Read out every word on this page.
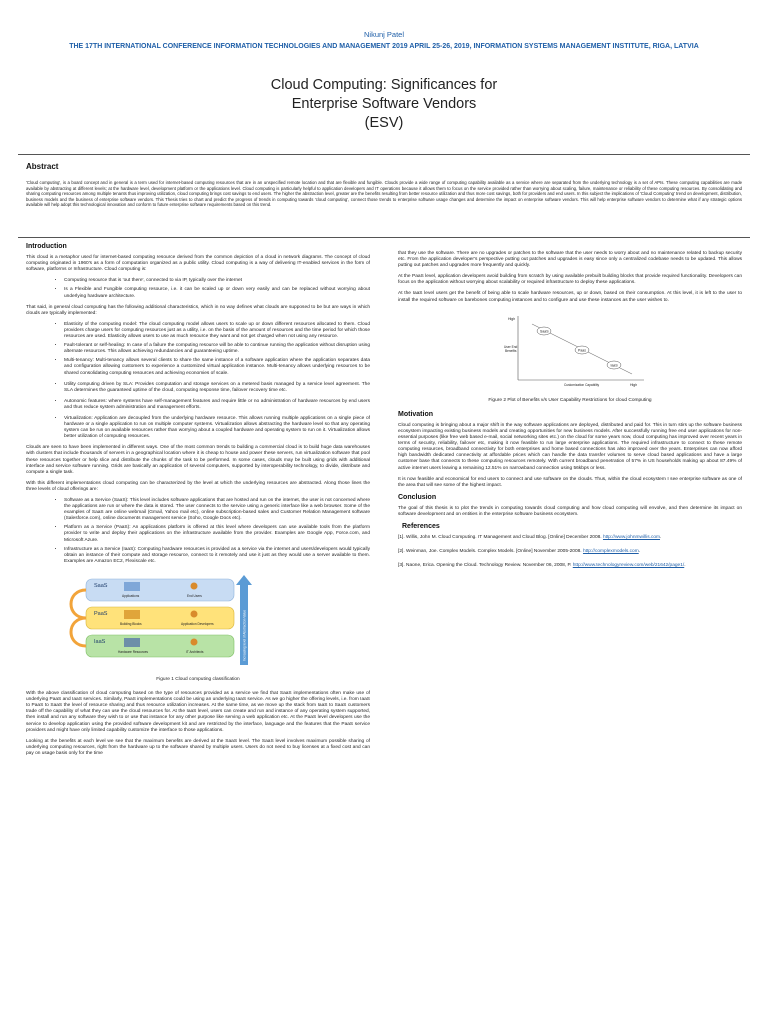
Nikunj Patel
THE 17TH INTERNATIONAL CONFERENCE INFORMATION TECHNOLOGIES AND MANAGEMENT 2019 APRIL 25-26, 2019, INFORMATION SYSTEMS MANAGEMENT INSTITUTE, RIGA, LATVIA
Cloud Computing: Significances for
Enterprise Software Vendors
(ESV)
Abstract
'Cloud computing', is a board concept and in general is a term used for internet-based computing resources that are in an unspecified remote location and that are flexible and fungible. Clouds provide a wide range of computing capability available as a service where are separated from the underlying technology is a set of APIs. These computing capabilities are made available by abstracting at different levels; at the hardware level, development platform or the applications level. Cloud computing is particularly helpful to application developers and IT operations because it allows them to focus on the service provided rather than worrying about scaling, failure, maintenance or reliability of these computing resources. By consolidating and sharing computing resources among multiple tenants thus improving utilization, cloud computing brings cost savings to end users. The higher the abstraction level, greater are the benefits resulting from better resource utilization and thus more cost savings, both for providers and end users. In this subject the implications of 'Cloud Computing' trend on development, distribution, business models and the business of enterprise software vendors. This Thesis tries to chart and predict the progress of trends in computing towards 'cloud computing', connect those trends to enterprise software usage changes and determine the impact on enterprise software vendors. This will help enterprise software vendors to determine what if any strategic options available will help adopt this technological innovation and conform to future enterprise software requirements based on this trend.
Introduction

This cloud is a metaphor used for internet-based computing resource derived from the common depiction of a cloud in network diagrams. The concept of cloud computing originated in 1960's as a form of computation organized as a public utility. Cloud computing is a way of delivering IT-enabled services in the form of software, platforms or Infrastructure. Cloud computing is:

• Computing resource that is 'out there', connected to via IP, typically over the internet
• Is a Flexible and Fungible computing resource, i.e. it can be scaled up or down very easily and can be replaced without worrying about underlying hardware architecture.

That said, in general cloud computing has the following additional characteristics, which in no way defines what clouds are supposed to be but are ways in which clouds are typically implemented:

• Elasticity of the computing model: The cloud computing model allows users to scale up or down different resources allocated to them. Cloud providers charge users for computing resources just as a utility, i.e. on the basis of the amount of resources and the time period for which those resources are used. Elasticity allows users to use as much resource they want and not get charged when not using any resource.
• Fault-tolerant or self-healing: In case of a failure the computing resource will be able to continue running the application without disruption using alternate resources. This allows achieving redundancies and guaranteeing uptime.
• Multi-tenancy: Multi-tenancy allows several clients to share the same instance of a software application where the application separates data and configuration allowing customers to experience a customized virtual application instance. Multi-tenancy allows underlying resources to be shared consolidating computing resources and achieving economies of scale.
• Utility computing driven by SLA: Provides computation and storage services on a metered basis managed by a service level agreement. The SLA determines the guaranteed uptime of the cloud, computing response time, failover recovery time etc.
• Autonomic features: where systems have self-management features and require little or no administration of hardware resources by end users and thus reduce system administration and management efforts.
• Virtualization: Application are decoupled from the underlying hardware resource. This allows running multiple applications on a single piece of hardware or a single application to run on multiple computer systems. Virtualization allows abstracting the hardware level so that any operating system can be run on available resources rather than worrying about a coupled hardware and operating system to run on it. Virtualization allows better utilization of computing resources.

Clouds are seen to have been implemented in different ways. One of the most common trends to building a commercial cloud is to build huge data warehouses with clusters that include thousands of servers in a geographical location where it is cheap to house and power these servers, run virtualization software that pool these resources together or help slice and distribute the chunks of the task to be performed. In some cases, clouds may be built using grids with additional interface and service software running. Grids are basically an application of several computers, supported by interoperability technology, to divide, distribute and compute a single task.

With this different implementations cloud computing can be characterized by the level at which the underlying resources are abstracted. Along those lines the three levels of cloud offerings are:

• Software as a Service (SaaS): This level includes software applications that are hosted and run on the internet, the user is not concerned where the applications are run or where the data is stored. The user connects to the service using a generic interface like a web browser. Some of the examples of SaaS are online webmail (Gmail, Yahoo mail etc), online subscription-based sales and Customer Relation Management software (Salesforce.com), online documents management service (Soho, Google Docs etc).
• Platform as a Service (PaaS): An applications platform is offered at this level where developers can use available tools from the platform provider to write and deploy their applications on the infrastructure available from the provider. Examples are Google App, Force.com, and Microsoft Azure.
• Infrastructure as a Service (IaaS): Computing hardware resources is provided as a service via the internet and users/developers would typically obtain an instance of their compute and storage resource, connect to it remotely and use it just as they would use a server available to them. Examples are Amazon EC2, Flexiscale etc.
SaaS
PaaS
IaaS
Applications
Building Blocks
Hardware Resources
End Users
Application Developers
IT Architects	Increasing level of Abstraction Value

Figure 1 Cloud computing classification

With the above classification of cloud computing based on the type of resources provided as a service we find that SaaS implementations often make use of underlying PaaS and IaaS services. Similarly, PaaS implementations could be using an underlying IaaS service. As we go higher the offering levels, i.e. from IaaS to PaaS to SaaS the level of resource sharing and thus resource utilization increases. At the same time, as we move up the stack from IaaS to SaaS customers trade off the capability of what they can use the cloud resources for. At the IaaS level, users can create and run and instance of any operating system supported, then install and run any software they wish to or use that instance for any other purpose like serving a web application etc. At the PaaS level developers use the service to develop application using the provided software development kit and are restricted by the interface, language and the features that the PaaS service providers and might have only limited capability customize the interface to those applications.

Looking at the benefits at each level we see that the maximum benefits are derived at the SaaS level. The SaaS level involves maximum possible sharing of underlying computing resources, right from the hardware up to the software shared by multiple users. Users do not need to buy licenses at a fixed cost and can pay on usage basis only for the time

that they use the software. There are no upgrades or patches to the software that the user needs to worry about and no maintenance related to backup security etc. From the application developer's perspective putting out patches and upgrades is easy since only a centralized codebase needs to be updated. This allows putting out patches and upgrades more frequently and quickly.

At the PaaS level, application developers avoid building from scratch by using available prebuilt building blocks that provide required functionality. Developers can focus on the application without worrying about scalability or required infrastructure to deploy these applications.

At the IaaS level users get the benefit of being able to scale hardware resources, up or down, based on their consumption. At this level, it is left to the user to install the required software on barebones computing instances and to configure and use these instances as the user wishes to.

SaaS
Paas
IaaS
High
User End
Benefits
Customization Capability	High

Figure 2 Plot of Benefits v/s User Capability Restrictions for cloud Computing

Motivation

Cloud computing is bringing about a major shift in the way software applications are deployed, distributed and paid for. This in turn stirs up the software business ecosystem impacting existing business models and creating opportunities for new business models. After successfully running free end user applications for non-essential purposes (like free web based e-mail, social networking sites etc.) on the cloud for some years now, cloud computing has improved over recent years in terms of security, reliability, failover etc, making it now feasible to run large enterprise applications. The required infrastructure to connect to these remote computing resources, broadband connectivity for both enterprises and home based connections has also improved over the years. Enterprises can now afford high bandwidth dedicated connectivity at affordable prices which can handle the data transfer volumes to serve cloud based applications and have a large customer base that connects to these computing resources remotely. With current broadband penetration of 57% in US households making up about 87.49% of active internet users leaving a remaining 12.51% on narrowband connection using 56kbps or less.

It is now feasible and economical for end users to connect and use software on the clouds. Thus, within the cloud ecosystem I see enterprise software as one of the area that will see some of the highest impact.

Conclusion

The goal of this thesis is to plot the trends in computing towards cloud computing and how cloud computing will envolve, and then determine its impact on software development and on entities in the enterprise software business ecosystem.

References

[1]. Willis, John M. Cloud Computing. IT Management and Cloud Blog. [Online] December 2008. http://www.johnmwillis.com.

[2]. Weinman, Joe. Complex Models. Complex Models. [Online] November 2005-2008. http://complexmodels.com.

[3]. Naone, Erica. Opening the Cloud. Technology Review. November 06, 2008, P. http://www.technologyreview.com/web/21642/page1/.
